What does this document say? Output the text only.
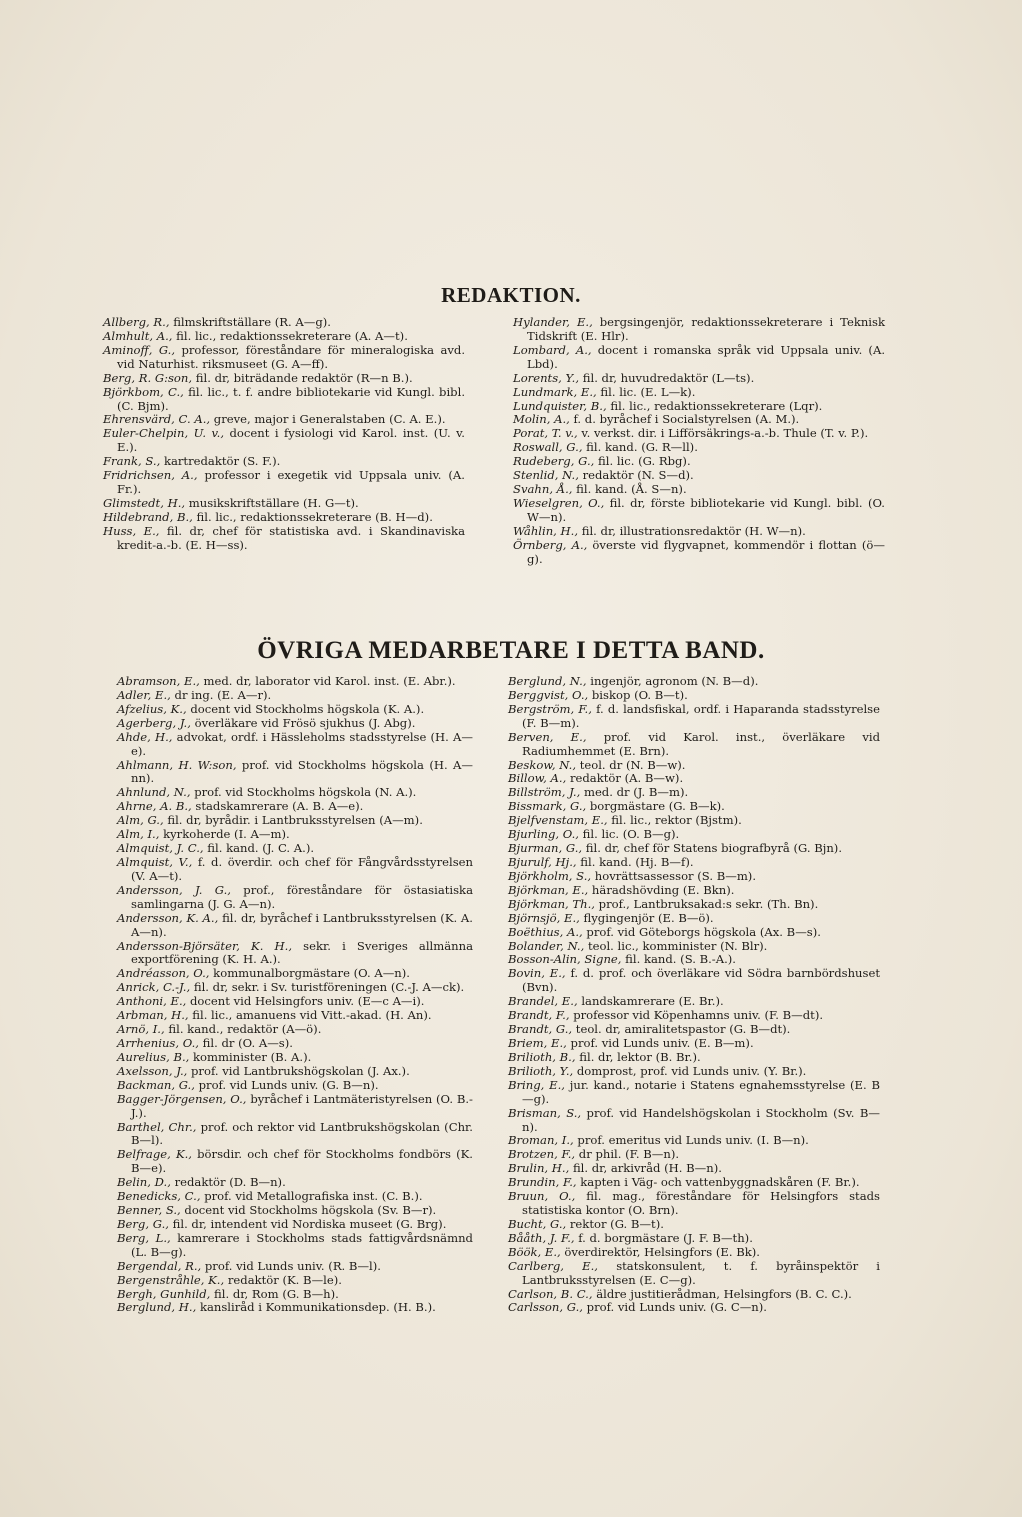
REDAKTION.
Allberg, R., filmskriftställare (R. A—g).
Almhult, A., fil. lic., redaktionssekreterare (A. A—t).
Aminoff, G., professor, föreståndare för mineralogiska avd. vid Naturhist. riksmuseet (G. A—ff).
Berg, R. G:son, fil. dr, biträdande redaktör (R—n B.).
Björkbom, C., fil. lic., t. f. andre bibliotekarie vid Kungl. bibl. (C. Bjm).
Ehrensvärd, C. A., greve, major i Generalstaben (C. A. E.).
Euler-Chelpin, U. v., docent i fysiologi vid Karol. inst. (U. v. E.).
Frank, S., kartredaktör (S. F.).
Fridrichsen, A., professor i exegetik vid Uppsala univ. (A. Fr.).
Glimstedt, H., musikskriftställare (H. G—t).
Hildebrand, B., fil. lic., redaktionssekreterare (B. H—d).
Huss, E., fil. dr, chef för statistiska avd. i Skandinaviska kredit-a.-b. (E. H—ss).
Hylander, E., bergsingenjör, redaktionssekreterare i Teknisk Tidskrift (E. Hlr).
Lombard, A., docent i romanska språk vid Uppsala univ. (A. Lbd).
Lorents, Y., fil. dr, huvudredaktör (L—ts).
Lundmark, E., fil. lic. (E. L—k).
Lundquister, B., fil. lic., redaktionssekreterare (Lqr).
Molin, A., f. d. byråchef i Socialstyrelsen (A. M.).
Porat, T. v., v. verkst. dir. i Lifförsäkrings-a.-b. Thule (T. v. P.).
Roswall, G., fil. kand. (G. R—ll).
Rudeberg, G., fil. lic. (G. Rbg).
Stenlid, N., redaktör (N. S—d).
Svahn, Å., fil. kand. (Å. S—n).
Wieselgren, O., fil. dr, förste bibliotekarie vid Kungl. bibl. (O. W—n).
Wåhlin, H., fil. dr, illustrationsredaktör (H. W—n).
Örnberg, A., överste vid flygvapnet, kommendör i flottan (ö—g).
ÖVRIGA MEDARBETARE I DETTA BAND.
Abramson, E., med. dr, laborator vid Karol. inst. (E. Abr.).
Adler, E., dr ing. (E. A—r).
Afzelius, K., docent vid Stockholms högskola (K. A.).
Agerberg, J., överläkare vid Frösö sjukhus (J. Abg).
Ahde, H., advokat, ordf. i Hässleholms stadsstyrelse (H. A—e).
Ahlmann, H. W:son, prof. vid Stockholms högskola (H. A—nn).
Ahnlund, N., prof. vid Stockholms högskola (N. A.).
Ahrne, A. B., stadskamrerare (A. B. A—e).
Alm, G., fil. dr, byrådir. i Lantbruksstyrelsen (A—m).
Alm, I., kyrkoherde (I. A—m).
Almquist, J. C., fil. kand. (J. C. A.).
Almquist, V., f. d. överdir. och chef för Fångvårdsstyrelsen (V. A—t).
Andersson, J. G., prof., föreståndare för östasiatiska samlingarna (J. G. A—n).
Andersson, K. A., fil. dr, byråchef i Lantbruksstyrelsen (K. A. A—n).
Andersson-Björsäter, K. H., sekr. i Sveriges allmänna exportförening (K. H. A.).
Andréasson, O., kommunalborgmästare (O. A—n).
Anrick, C.-J., fil. dr, sekr. i Sv. turistföreningen (C.-J. A—ck).
Anthoni, E., docent vid Helsingfors univ. (E—c A—i).
Arbman, H., fil. lic., amanuens vid Vitt.-akad. (H. An).
Arnö, I., fil. kand., redaktör (A—ö).
Arrhenius, O., fil. dr (O. A—s).
Aurelius, B., komminister (B. A.).
Axelsson, J., prof. vid Lantbrukshögskolan (J. Ax.).
Backman, G., prof. vid Lunds univ. (G. B—n).
Bagger-Jörgensen, O., byråchef i Lantmäteristyrelsen (O. B.-J.).
Barthel, Chr., prof. och rektor vid Lantbrukshögskolan (Chr. B—l).
Belfrage, K., börsdir. och chef för Stockholms fondbörs (K. B—e).
Belin, D., redaktör (D. B—n).
Benedicks, C., prof. vid Metallografiska inst. (C. B.).
Benner, S., docent vid Stockholms högskola (Sv. B—r).
Berg, G., fil. dr, intendent vid Nordiska museet (G. Brg).
Berg, L., kamrerare i Stockholms stads fattigvårdsnämnd (L. B—g).
Bergendal, R., prof. vid Lunds univ. (R. B—l).
Bergenstråhle, K., redaktör (K. B—le).
Bergh, Gunhild, fil. dr, Rom (G. B—h).
Berglund, H., kansliråd i Kommunikationsdep. (H. B.).
Berglund, N., ingenjör, agronom (N. B—d).
Berggvist, O., biskop (O. B—t).
Bergström, F., f. d. landsfiskal, ordf. i Haparanda stadsstyrelse (F. B—m).
Berven, E., prof. vid Karol. inst., överläkare vid Radiumhemmet (E. Brn).
Beskow, N., teol. dr (N. B—w).
Billow, A., redaktör (A. B—w).
Billström, J., med. dr (J. B—m).
Bissmark, G., borgmästare (G. B—k).
Bjelfvenstam, E., fil. lic., rektor (Bjstm).
Bjurling, O., fil. lic. (O. B—g).
Bjurman, G., fil. dr, chef för Statens biografbyrå (G. Bjn).
Bjurulf, Hj., fil. kand. (Hj. B—f).
Björkholm, S., hovrättsassessor (S. B—m).
Björkman, E., häradshövding (E. Bkn).
Björkman, Th., prof., Lantbruksakad:s sekr. (Th. Bn).
Björnsjö, E., flygingenjör (E. B—ö).
Boëthius, A., prof. vid Göteborgs högskola (Ax. B—s).
Bolander, N., teol. lic., komminister (N. Blr).
Bosson-Alin, Signe, fil. kand. (S. B.-A.).
Bovin, E., f. d. prof. och överläkare vid Södra barnbördshuset (Bvn).
Brandel, E., landskamrerare (E. Br.).
Brandt, F., professor vid Köpenhamns univ. (F. B—dt).
Brandt, G., teol. dr, amiralitetspastor (G. B—dt).
Briem, E., prof. vid Lunds univ. (E. B—m).
Brilioth, B., fil. dr, lektor (B. Br.).
Brilioth, Y., domprost, prof. vid Lunds univ. (Y. Br.).
Bring, E., jur. kand., notarie i Statens egnahemsstyrelse (E. B—g).
Brisman, S., prof. vid Handelshögskolan i Stockholm (Sv. B—n).
Broman, I., prof. emeritus vid Lunds univ. (I. B—n).
Brotzen, F., dr phil. (F. B—n).
Brulin, H., fil. dr, arkivråd (H. B—n).
Brundin, F., kapten i Väg- och vattenbyggnadskåren (F. Br.).
Bruun, O., fil. mag., föreståndare för Helsingfors stads statistiska kontor (O. Brn).
Bucht, G., rektor (G. B—t).
Bååth, J. F., f. d. borgmästare (J. F. B—th).
Böök, E., överdirektör, Helsingfors (E. Bk).
Carlberg, E., statskonsulent, t. f. byråinspektör i Lantbruksstyrelsen (E. C—g).
Carlson, B. C., äldre justitierådman, Helsingfors (B. C. C.).
Carlsson, G., prof. vid Lunds univ. (G. C—n).
